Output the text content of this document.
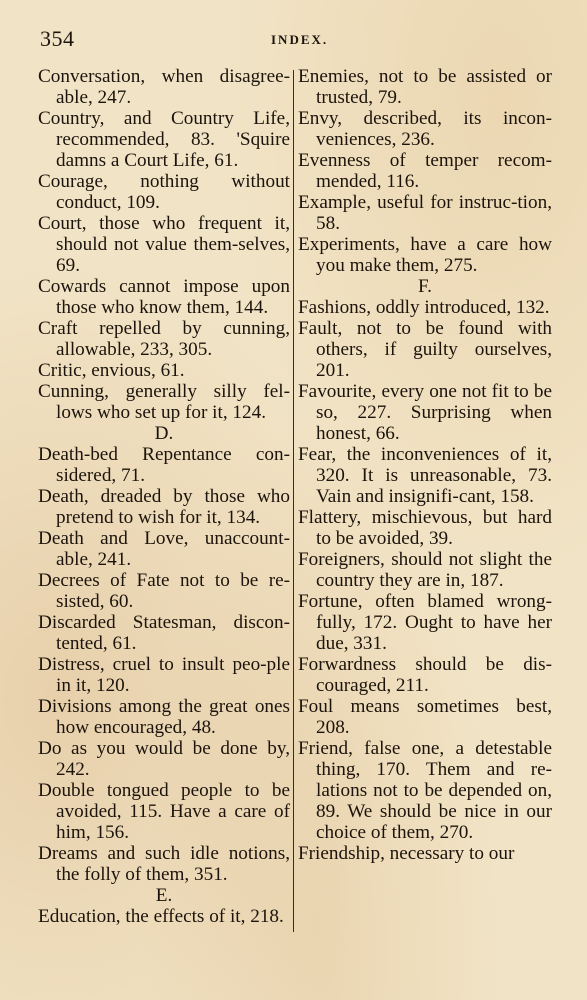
354	INDEX.
Conversation, when disagree-able, 247.
Country, and Country Life, recommended, 83. 'Squire damns a Court Life, 61.
Courage, nothing without conduct, 109.
Court, those who frequent it, should not value them-selves, 69.
Cowards cannot impose upon those who know them, 144.
Craft repelled by cunning, allowable, 233, 305.
Critic, envious, 61.
Cunning, generally silly fel-lows who set up for it, 124.
D.
Death-bed Repentance con-sidered, 71.
Death, dreaded by those who pretend to wish for it, 134.
Death and Love, unaccount-able, 241.
Decrees of Fate not to be re-sisted, 60.
Discarded Statesman, discon-tented, 61.
Distress, cruel to insult peo-ple in it, 120.
Divisions among the great ones how encouraged, 48.
Do as you would be done by, 242.
Double tongued people to be avoided, 115. Have a care of him, 156.
Dreams and such idle notions, the folly of them, 351.
E.
Education, the effects of it, 218.
Enemies, not to be assisted or trusted, 79.
Envy, described, its incon-veniences, 236.
Evenness of temper recom-mended, 116.
Example, useful for instruc-tion, 58.
Experiments, have a care how you make them, 275.
F.
Fashions, oddly introduced, 132.
Fault, not to be found with others, if guilty ourselves, 201.
Favourite, every one not fit to be so, 227. Surprising when honest, 66.
Fear, the inconveniences of it, 320. It is unreasonable, 73. Vain and insignifi-cant, 158.
Flattery, mischievous, but hard to be avoided, 39.
Foreigners, should not slight the country they are in, 187.
Fortune, often blamed wrong-fully, 172. Ought to have her due, 331.
Forwardness should be dis-couraged, 211.
Foul means sometimes best, 208.
Friend, false one, a detestable thing, 170. Them and re-lations not to be depended on, 89. We should be nice in our choice of them, 270.
Friendship, necessary to our
